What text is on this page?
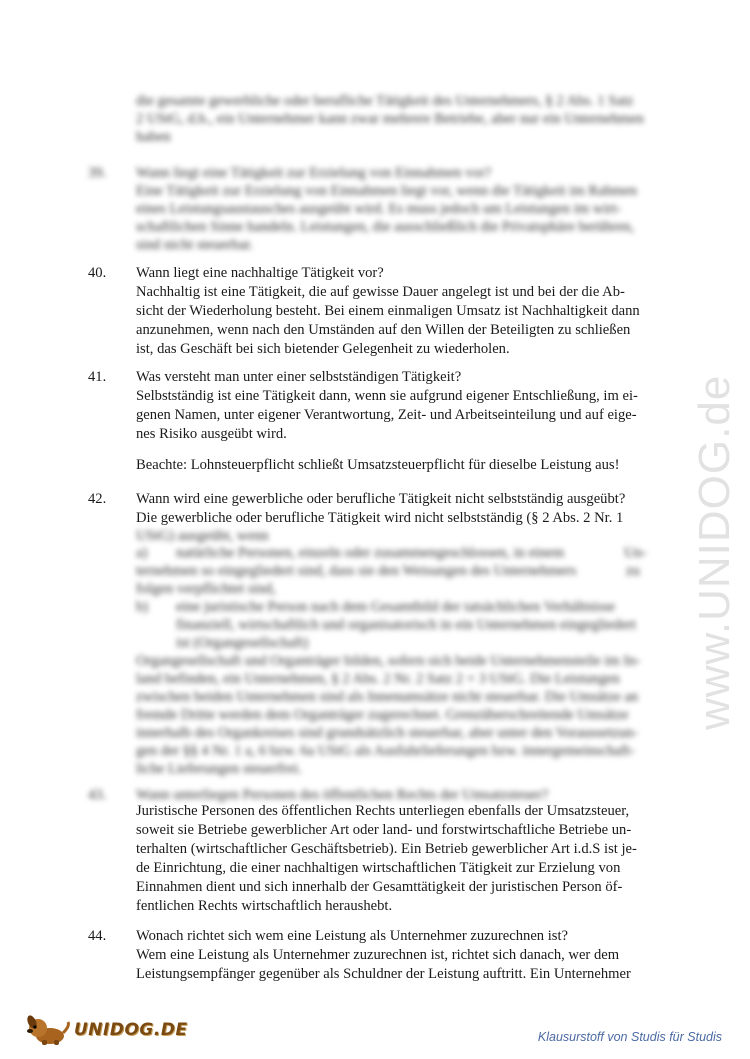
www.UNIDOG.de
die gesamte gewerbliche oder berufliche Tätigkeit des Unternehmers, § 2 Abs. 1 Satz
2 UStG, d.h., ein Unternehmer kann zwar mehrere Betriebe, aber nur ein Unternehmen
haben
39. Wann liegt eine Tätigkeit zur Erzielung von Einnahmen vor?
Eine Tätigkeit zur Erzielung von Einnahmen liegt vor, wenn die Tätigkeit im Rahmen
eines Leistungsaustausches ausgeübt wird. Es muss jedoch um Leistungen im wirt-
schaftlichen Sinne handeln. Leistungen, die ausschließlich die Privatsphäre berühren,
sind nicht steuerbar.
40. Wann liegt eine nachhaltige Tätigkeit vor?
Nachhaltig ist eine Tätigkeit, die auf gewisse Dauer angelegt ist und bei der die Ab-
sicht der Wiederholung besteht. Bei einem einmaligen Umsatz ist Nachhaltigkeit dann
anzunehmen, wenn nach den Umständen auf den Willen der Beteiligten zu schließen
ist, das Geschäft bei sich bietender Gelegenheit zu wiederholen.
41. Was versteht man unter einer selbstständigen Tätigkeit?
Selbstständig ist eine Tätigkeit dann, wenn sie aufgrund eigener Entschließung, im ei-
genen Namen, unter eigener Verantwortung, Zeit- und Arbeitseinteilung und auf eige-
nes Risiko ausgeübt wird.
Beachte: Lohnsteuerpflicht schließt Umsatzsteuerpflicht für dieselbe Leistung aus!
42. Wann wird eine gewerbliche oder berufliche Tätigkeit nicht selbstständig ausgeübt?
Die gewerbliche oder berufliche Tätigkeit wird nicht selbstständig (§ 2 Abs. 2 Nr. 1
UStG) ausgeübt, wenn
a) natürliche Personen, einzeln oder zusammengeschlossen, in einem	Un-
ternehmen so eingegliedert sind, dass sie den Weisungen des Unternehmers	zu
folgen verpflichtet sind,
b) eine juristische Person nach dem Gesamtbild der tatsächlichen Verhältnisse
finanziell, wirtschaftlich und organisatorisch in ein Unternehmen eingegliedert
ist (Organgesellschaft)
Organgesellschaft und Organträger bilden, sofern sich beide Unternehmensteile im In-
land befinden, ein Unternehmen, § 2 Abs. 2 Nr. 2 Satz 2 + 3 UStG. Die Leistungen
zwischen beiden Unternehmen sind als Innenumsätze nicht steuerbar. Die Umsätze an
fremde Dritte werden dem Organträger zugerechnet. Grenzüberschreitende Umsätze
innerhalb des Organkreises sind grundsätzlich steuerbar, aber unter den Voraussetzun-
gen der §§ 4 Nr. 1 a, 6 bzw. 6a UStG als Ausfuhrlieferungen bzw. innergemeinschaft-
liche Lieferungen steuerfrei.
43. Wann unterliegen Personen des öffentlichen Rechts der Umsatzsteuer?
Juristische Personen des öffentlichen Rechts unterliegen ebenfalls der Umsatzsteuer,
soweit sie Betriebe gewerblicher Art oder land- und forstwirtschaftliche Betriebe un-
terhalten (wirtschaftlicher Geschäftsbetrieb). Ein Betrieb gewerblicher Art i.d.S ist je-
de Einrichtung, die einer nachhaltigen wirtschaftlichen Tätigkeit zur Erzielung von
Einnahmen dient und sich innerhalb der Gesamttätigkeit der juristischen Person öf-
fentlichen Rechts wirtschaftlich heraushebt.
44. Wonach richtet sich wem eine Leistung als Unternehmer zuzurechnen ist?
Wem eine Leistung als Unternehmer zuzurechnen ist, richtet sich danach, wer dem
Leistungsempfänger gegenüber als Schuldner der Leistung auftritt. Ein Unternehmer
UNIDOG.DE	Klausurstoff von Studis für Studis
